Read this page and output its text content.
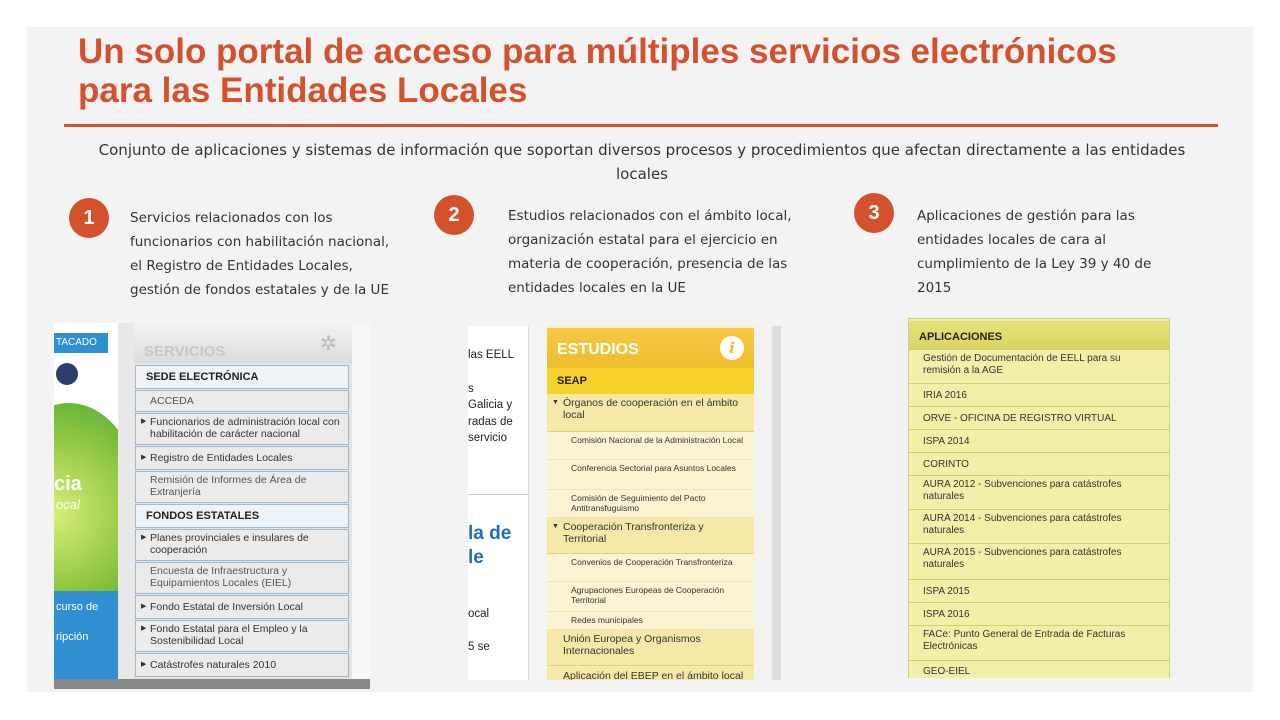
Un solo portal de acceso para múltiples servicios electrónicos
para las Entidades Locales
Conjunto de aplicaciones y sistemas de información que soportan diversos procesos y procedimientos que afectan directamente a las entidades locales
1	Servicios relacionados con los
funcionarios con habilitación nacional,
el Registro de Entidades Locales,
gestión de fondos estatales y de la UE
2	Estudios relacionados con el ámbito local,
organización estatal para el ejercicio en
materia de cooperación, presencia de las
entidades locales en la UE
3	Aplicaciones de gestión para las
entidades locales de cara al
cumplimiento de la Ley 39 y 40 de
2015
TACADO
cia
ocal
curso de
ripción
SERVICIOS	✲
SEDE ELECTRÓNICA
ACCEDA
▶ Funcionarios de administración local con habilitación de carácter nacional
▶ Registro de Entidades Locales
Remisión de Informes de Área de Extranjería
FONDOS ESTATALES
▶ Planes provinciales e insulares de cooperación
Encuesta de Infraestructura y Equipamientos Locales (EIEL)
▶ Fondo Estatal de Inversión Local
▶ Fondo Estatal para el Empleo y la Sostenibilidad Local
▶ Catástrofes naturales 2010
las EELL
s
Galicia y
radas de
servicio
la de
le
ocal
5 se
ESTUDIOS	i
SEAP
▼ Órganos de cooperación en el ámbito local
Comisión Nacional de la Administración Local
Conferencia Sectorial para Asuntos Locales
Comisión de Seguimiento del Pacto Antitransfuguismo
▼ Cooperación Transfronteriza y Territorial
Convenios de Cooperación Transfronteriza
Agrupaciones Europeas de Cooperación Territorial
Redes municipales
Unión Europea y Organismos Internacionales
Aplicación del EBEP en el ámbito local
APLICACIONES
Gestión de Documentación de EELL para su remisión a la AGE
IRIA 2016
ORVE - OFICINA DE REGISTRO VIRTUAL
ISPA 2014
CORINTO
AURA 2012 - Subvenciones para catástrofes naturales
AURA 2014 - Subvenciones para catástrofes naturales
AURA 2015 - Subvenciones para catástrofes naturales
ISPA 2015
ISPA 2016
FACe: Punto General de Entrada de Facturas Electrónicas
GEO-EIEL
